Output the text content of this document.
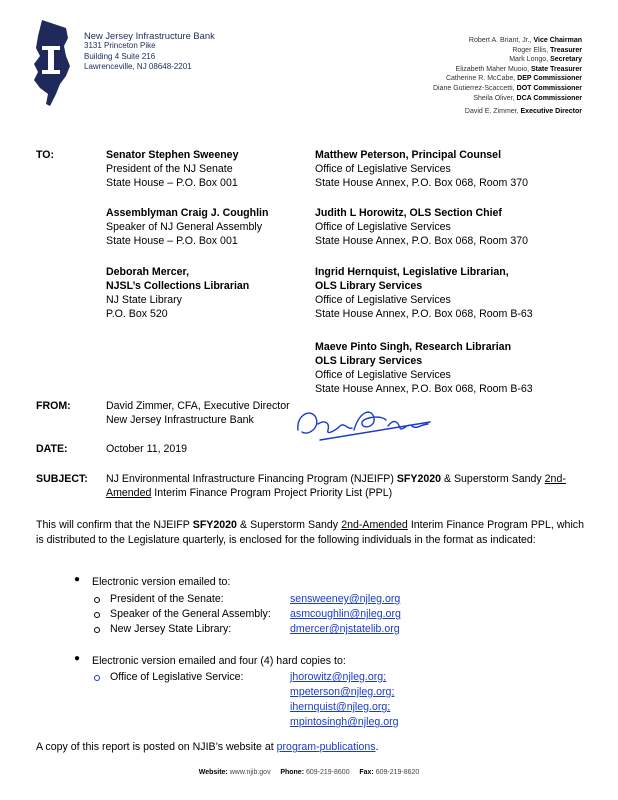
New Jersey Infrastructure Bank
3131 Princeton Pike
Building 4 Suite 216
Lawrenceville, NJ 08648-2201
Robert A. Briant, Jr., Vice Chairman
Roger Ellis, Treasurer
Mark Longo, Secretary
Elizabeth Maher Muoio, State Treasurer
Catherine R. McCabe, DEP Commissioner
Diane Gutierrez-Scaccetti, DOT Commissioner
Sheila Oliver, DCA Commissioner
David E. Zimmer, Executive Director
TO:	Senator Stephen Sweeney
President of the NJ Senate
State House – P.O. Box 001
Assemblyman Craig J. Coughlin
Speaker of NJ General Assembly
State House – P.O. Box 001
Deborah Mercer,
NJSL’s Collections Librarian
NJ State Library
P.O. Box 520
Matthew Peterson, Principal Counsel
Office of Legislative Services
State House Annex, P.O. Box 068, Room 370
Judith L Horowitz, OLS Section Chief
Office of Legislative Services
State House Annex, P.O. Box 068, Room 370
Ingrid Hernquist, Legislative Librarian,
OLS Library Services
Office of Legislative Services
State House Annex, P.O. Box 068, Room B-63
Maeve Pinto Singh, Research Librarian
OLS Library Services
Office of Legislative Services
State House Annex, P.O. Box 068, Room B-63
FROM:	David Zimmer, CFA, Executive Director
New Jersey Infrastructure Bank
DATE:	October 11, 2019
SUBJECT: NJ Environmental Infrastructure Financing Program (NJEIFP) SFY2020 & Superstorm Sandy 2nd-
Amended Interim Finance Program Project Priority List (PPL)
This will confirm that the NJEIFP SFY2020 & Superstorm Sandy 2nd-Amended Interim Finance Program PPL, which is distributed to the Legislature quarterly, is enclosed for the following individuals in the format as indicated:
● Electronic version emailed to:
President of the Senate:	sensweeney@njleg.org
Speaker of the General Assembly: asmcoughlin@njleg.org
New Jersey State Library:	dmercer@njstatelib.org
● Electronic version emailed and four (4) hard copies to:
Office of Legislative Service:	jhorowitz@njleg.org;
mpeterson@njleg.org;
ihernquist@njleg.org;
mpintosingh@njleg.org
A copy of this report is posted on NJIB’s website at program-publications.
Website: www.njib.gov Phone: 609-219-8600 Fax: 609-219-8620
